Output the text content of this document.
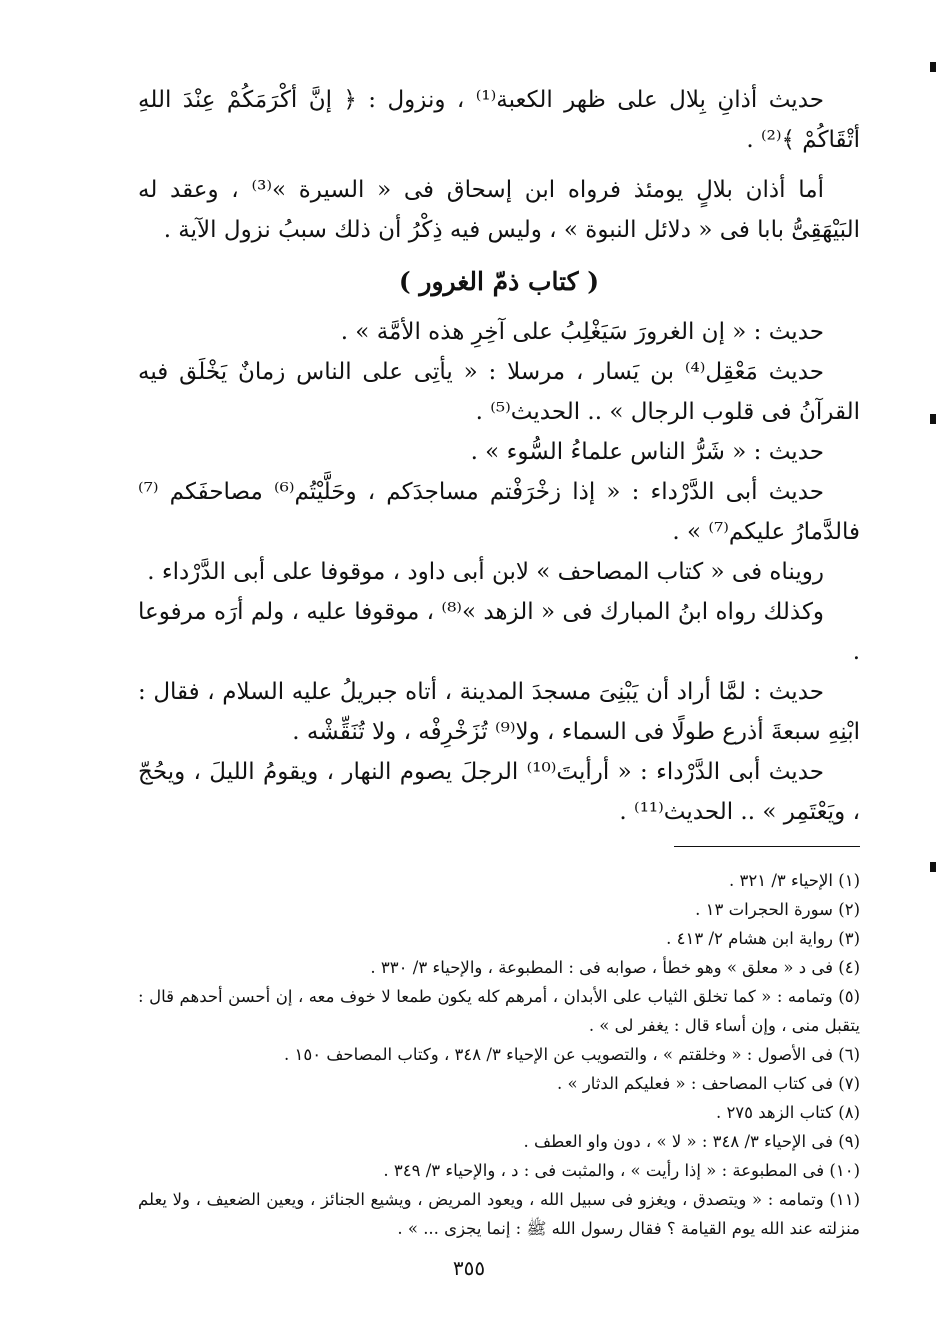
حديث أذانِ بِلال على ظهر الكعبة⁽¹⁾ ، ونزول : ﴿ إنَّ أكْرَمَكُمْ عِنْدَ اللهِ أتْقَاكُمْ ﴾⁽²⁾ .

أما أذان بلالٍ يومئذ فرواه ابن إسحاق فى « السيرة »⁽³⁾ ، وعقد له البَيْهَقِىُّ بابا فى « دلائل النبوة » ، وليس فيه ذِكْرُ أن ذلك سببُ نزول الآية .

( كتاب ذمّ الغرور )

حديث : « إن الغرورَ سَيَغْلِبُ على آخِرِ هذه الأمَّة » .

حديث مَعْقِل⁽⁴⁾ بن يَسار ، مرسلا : « يأتِى على الناس زمانٌ يَخْلَق فيه القرآنُ فى قلوب الرجال » .. الحديث⁽⁵⁾ .

حديث : « شَرُّ الناس علماءُ السُّوء » .

حديث أبى الدَّرْداء : « إذا زخْرَفْتم مساجدَكم ، وحَلَّيْتُم⁽⁶⁾ مصاحفَكم ⁽⁷⁾فالدَّمارُ عليكم⁽⁷⁾ » .

رويناه فى « كتاب المصاحف » لابن أبى داود ، موقوفا على أبى الدَّرْداء .

وكذلك رواه ابنُ المبارك فى « الزهد »⁽⁸⁾ ، موقوفا عليه ، ولم أرَه مرفوعا .

حديث : لمَّا أراد أن يَبْنِىَ مسجدَ المدينة ، أتاه جبريلُ عليه السلام ، فقال : ابْنِهِ سبعةَ أذرع طولًا فى السماء ، ولا⁽⁹⁾ تُزَخْرِفْه ، ولا تُنَقِّشْه .

حديث أبى الدَّرْداء : « أرأيتَ⁽¹⁰⁾ الرجلَ يصوم النهار ، ويقومُ الليلَ ، ويحُجّ ، ويَعْتَمِر » .. الحديث⁽¹¹⁾ .

(١) الإحياء ٣/ ٣٢١ .

(٢) سورة الحجرات ١٣ .

(٣) رواية ابن هشام ٢/ ٤١٣ .

(٤) فى د « معلق » وهو خطأ ، صوابه فى : المطبوعة ، والإحياء ٣/ ٣٣٠ .

(٥) وتمامه : « كما تخلق الثياب على الأبدان ، أمرهم كله يكون طمعا لا خوف معه ، إن أحسن أحدهم قال : يتقبل منى ، وإن أساء قال : يغفر لى » .

(٦) فى الأصول : « وخلقتم » ، والتصويب عن الإحياء ٣/ ٣٤٨ ، وكتاب المصاحف ١٥٠ .

(٧) فى كتاب المصاحف : « فعليكم الدثار » .

(٨) كتاب الزهد ٢٧٥ .

(٩) فى الإحياء ٣/ ٣٤٨ : « لا » ، دون واو العطف .

(١٠) فى المطبوعة : « إذا رأيت » ، والمثبت فى : د ، والإحياء ٣/ ٣٤٩ .

(١١) وتمامه : « ويتصدق ، ويغزو فى سبيل الله ، ويعود المريض ، ويشيع الجنائز ، ويعين الضعيف ، ولا يعلم منزلته عند الله يوم القيامة ؟ فقال رسول الله ﷺ : إنما يجزى ... » .

٣٥٥
